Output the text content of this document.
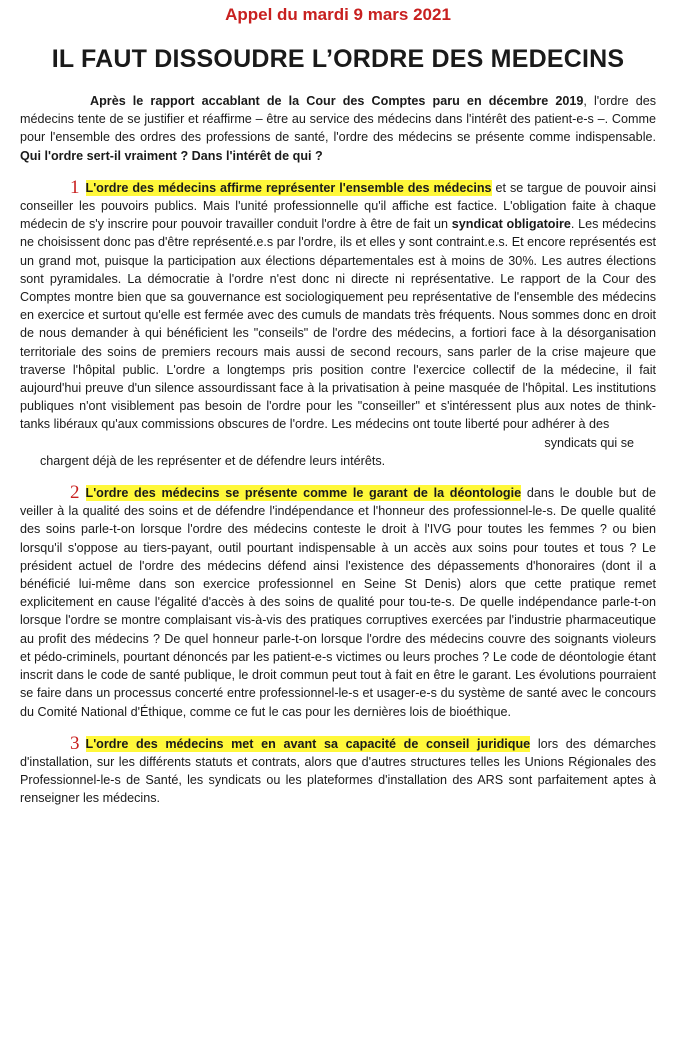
Appel du mardi 9 mars 2021
IL FAUT DISSOUDRE L’ORDRE DES MEDECINS

Après le rapport accablant de la Cour des Comptes paru en décembre 2019, l'ordre des médecins tente de se justifier et réaffirme – être au service des médecins dans l'intérêt des patient-e-s –. Comme pour l'ensemble des ordres des professions de santé, l'ordre des médecins se présente comme indispensable. Qui l'ordre sert-il vraiment ? Dans l'intérêt de qui ?

1 L'ordre des médecins affirme représenter l'ensemble des médecins et se targue de pouvoir ainsi conseiller les pouvoirs publics. Mais l'unité professionnelle qu'il affiche est factice. L'obligation faite à chaque médecin de s'y inscrire pour pouvoir travailler conduit l'ordre à être de fait un syndicat obligatoire. Les médecins ne choisissent donc pas d'être représenté.e.s par l'ordre, ils et elles y sont contraint.e.s. Et encore représentés est un grand mot, puisque la participation aux élections départementales est à moins de 30%. Les autres élections sont pyramidales. La démocratie à l'ordre n'est donc ni directe ni représentative. Le rapport de la Cour des Comptes montre bien que sa gouvernance est sociologiquement peu représentative de l'ensemble des médecins en exercice et surtout qu'elle est fermée avec des cumuls de mandats très fréquents. Nous sommes donc en droit de nous demander à qui bénéficient les "conseils" de l'ordre des médecins, a fortiori face à la désorganisation territoriale des soins de premiers recours mais aussi de second recours, sans parler de la crise majeure que traverse l'hôpital public. L'ordre a longtemps pris position contre l'exercice collectif de la médecine, il fait aujourd'hui preuve d'un silence assourdissant face à la privatisation à peine masquée de l'hôpital. Les institutions publiques n'ont visiblement pas besoin de l'ordre pour les "conseiller" et s'intéressent plus aux notes de think-tanks libéraux qu'aux commissions obscures de l'ordre. Les médecins ont toute liberté pour adhérer à des
syndicats qui se
chargent déjà de les représenter et de défendre leurs intérêts.

2 L'ordre des médecins se présente comme le garant de la déontologie dans le double but de veiller à la qualité des soins et de défendre l'indépendance et l'honneur des professionnel-le-s. De quelle qualité des soins parle-t-on lorsque l'ordre des médecins conteste le droit à l'IVG pour toutes les femmes ? ou bien lorsqu'il s'oppose au tiers-payant, outil pourtant indispensable à un accès aux soins pour toutes et tous ? Le président actuel de l'ordre des médecins défend ainsi l'existence des dépassements d'honoraires (dont il a bénéficié lui-même dans son exercice professionnel en Seine St Denis) alors que cette pratique remet explicitement en cause l'égalité d'accès à des soins de qualité pour tou-te-s. De quelle indépendance parle-t-on lorsque l'ordre se montre complaisant vis-à-vis des pratiques corruptives exercées par l'industrie pharmaceutique au profit des médecins ? De quel honneur parle-t-on lorsque l'ordre des médecins couvre des soignants violeurs et pédo-criminels, pourtant dénoncés par les patient-e-s victimes ou leurs proches ? Le code de déontologie étant inscrit dans le code de santé publique, le droit commun peut tout à fait en être le garant. Les évolutions pourraient se faire dans un processus concerté entre professionnel-le-s et usager-e-s du système de santé avec le concours du Comité National d'Éthique, comme ce fut le cas pour les dernières lois de bioéthique.

3 L'ordre des médecins met en avant sa capacité de conseil juridique lors des démarches d'installation, sur les différents statuts et contrats, alors que d'autres structures telles les Unions Régionales des Professionnel-le-s de Santé, les syndicats ou les plateformes d'installation des ARS sont parfaitement aptes à renseigner les médecins.
